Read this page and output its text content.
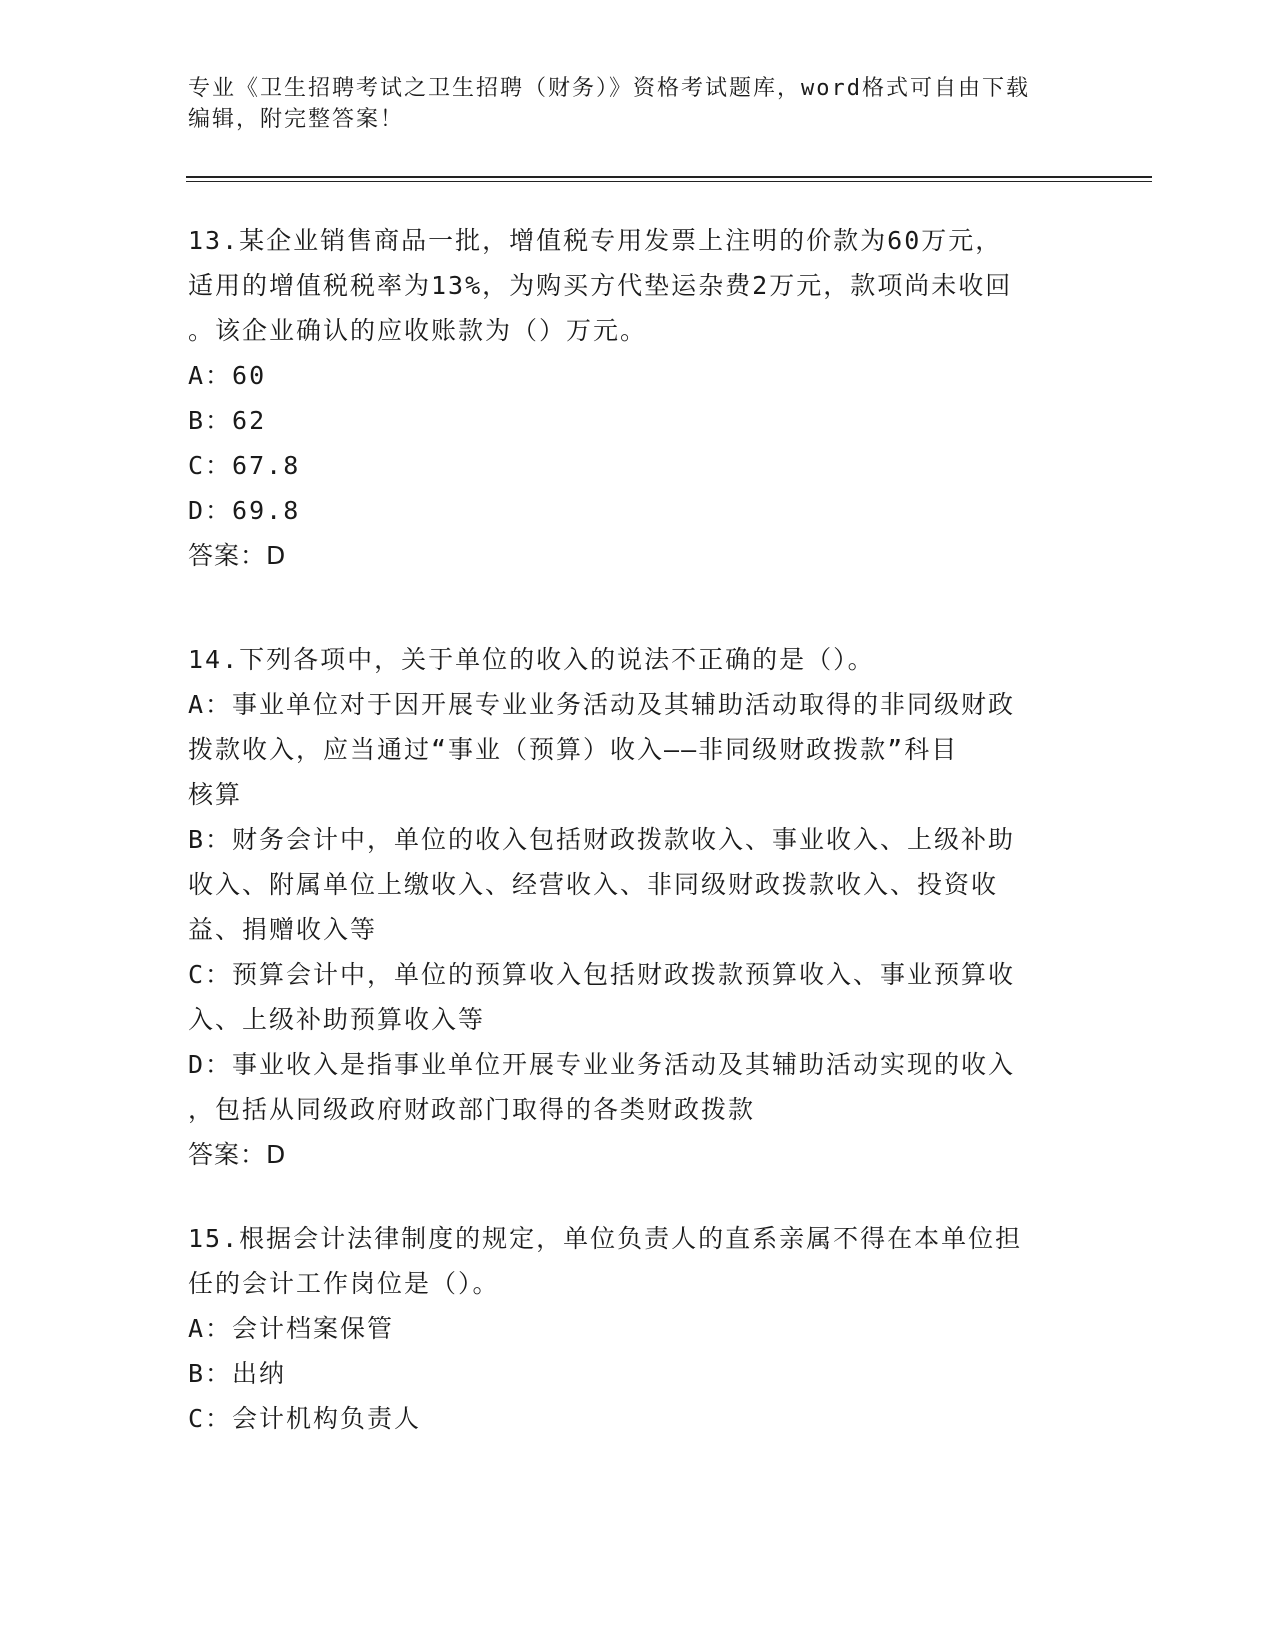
专业《卫生招聘考试之卫生招聘（财务）》资格考试题库，word格式可自由下载
编辑，附完整答案！
13.某企业销售商品一批，增值税专用发票上注明的价款为60万元，
适用的增值税税率为13%，为购买方代垫运杂费2万元，款项尚未收回
。该企业确认的应收账款为（）万元。
A：60
B：62
C：67.8
D：69.8
答案：D
14.下列各项中，关于单位的收入的说法不正确的是（）。
A：事业单位对于因开展专业业务活动及其辅助活动取得的非同级财政
拨款收入，应当通过“事业（预算）收入——非同级财政拨款”科目
核算
B：财务会计中，单位的收入包括财政拨款收入、事业收入、上级补助
收入、附属单位上缴收入、经营收入、非同级财政拨款收入、投资收
益、捐赠收入等
C：预算会计中，单位的预算收入包括财政拨款预算收入、事业预算收
入、上级补助预算收入等
D：事业收入是指事业单位开展专业业务活动及其辅助活动实现的收入
，包括从同级政府财政部门取得的各类财政拨款
答案：D
15.根据会计法律制度的规定，单位负责人的直系亲属不得在本单位担
任的会计工作岗位是（）。
A：会计档案保管
B：出纳
C：会计机构负责人
